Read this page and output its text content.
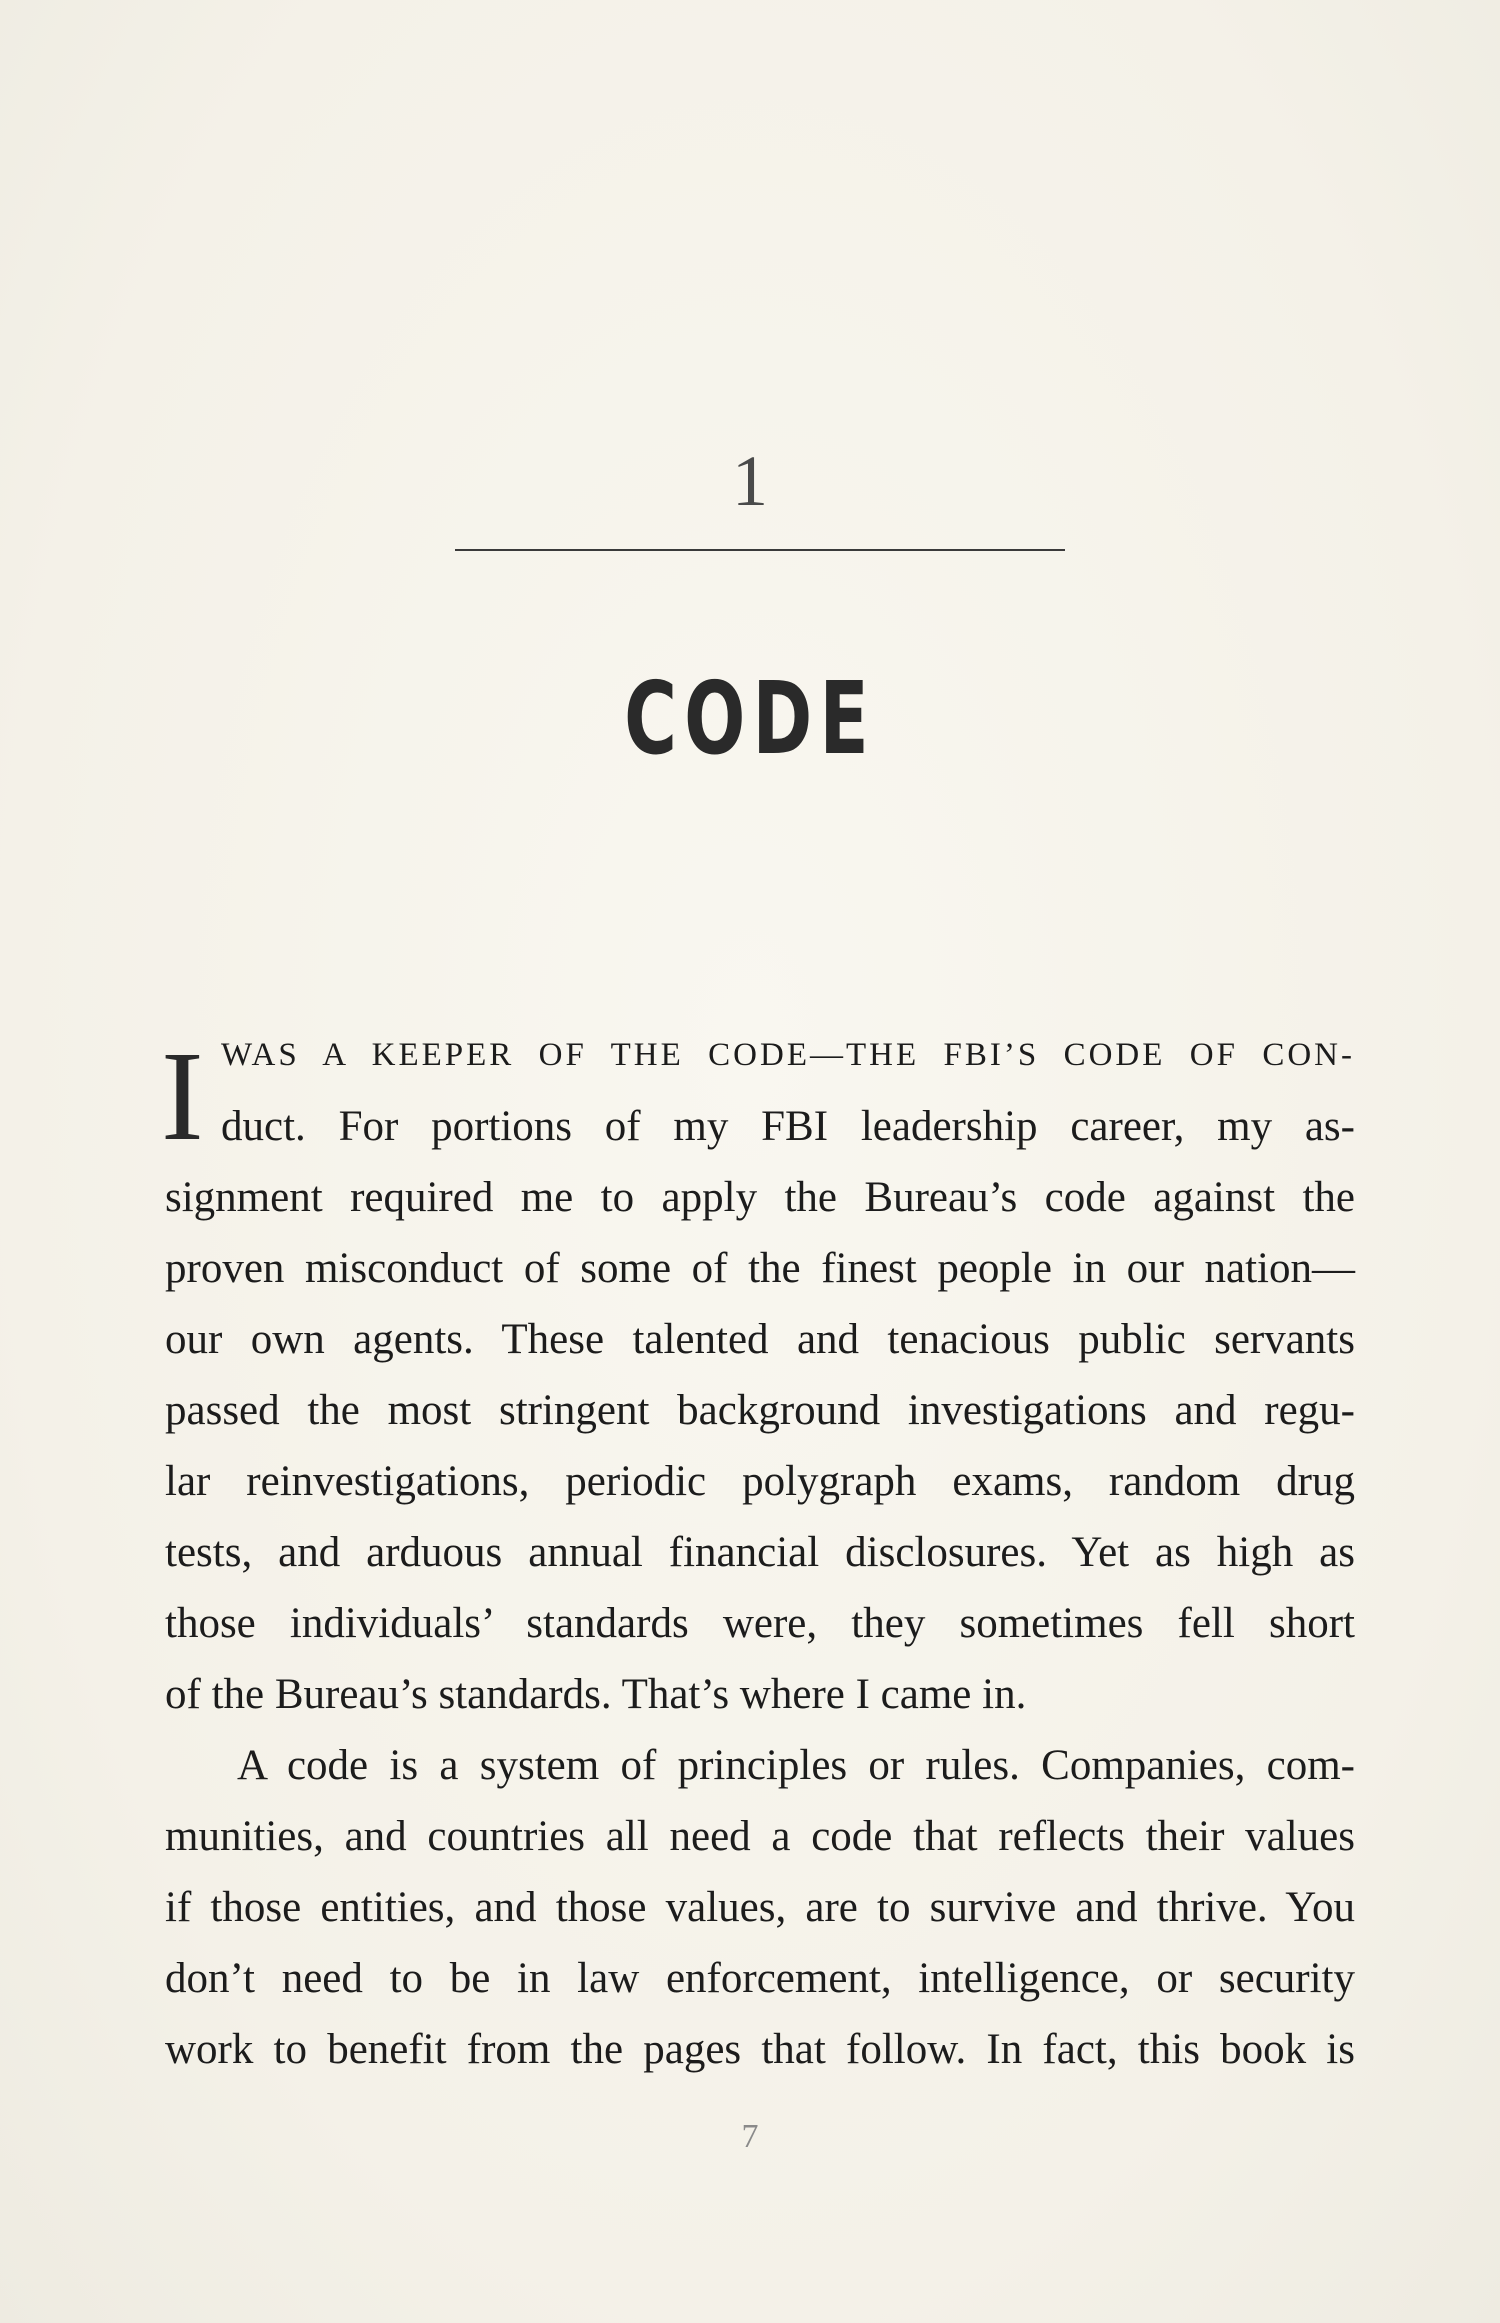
1
CODE
I WAS A KEEPER OF THE CODE—THE FBI’S CODE OF CON-
duct. For portions of my FBI leadership career, my as-
signment required me to apply the Bureau’s code against the
proven misconduct of some of the finest people in our nation—
our own agents. These talented and tenacious public servants
passed the most stringent background investigations and regu-
lar reinvestigations, periodic polygraph exams, random drug
tests, and arduous annual financial disclosures. Yet as high as
those individuals’ standards were, they sometimes fell short
of the Bureau’s standards. That’s where I came in.
A code is a system of principles or rules. Companies, com-
munities, and countries all need a code that reflects their values
if those entities, and those values, are to survive and thrive. You
don’t need to be in law enforcement, intelligence, or security
work to benefit from the pages that follow. In fact, this book is
7
